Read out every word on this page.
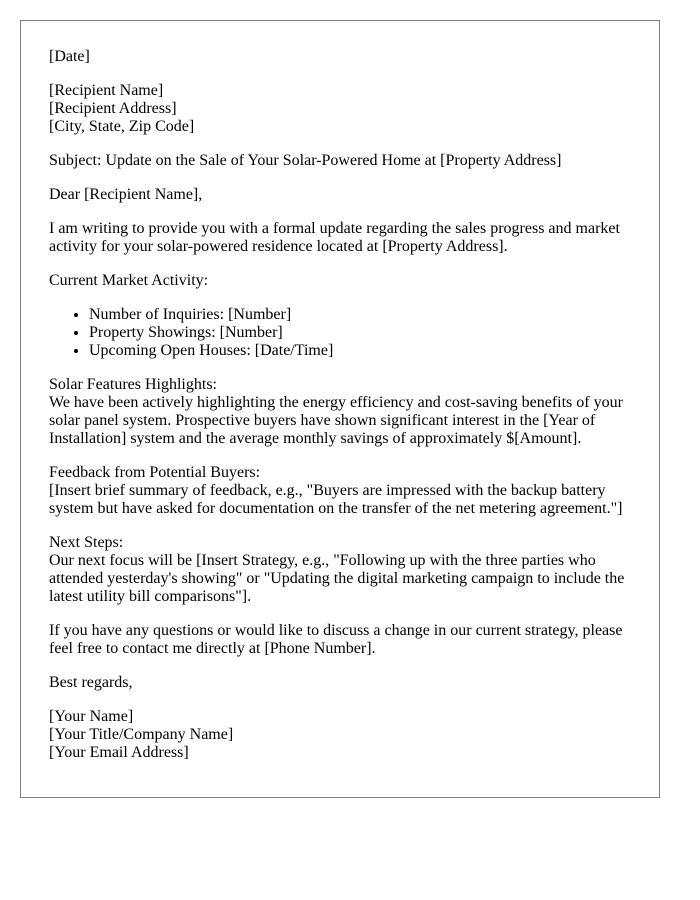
[Date]
[Recipient Name]
[Recipient Address]
[City, State, Zip Code]

Subject: Update on the Sale of Your Solar-Powered Home at [Property Address]

Dear [Recipient Name],

I am writing to provide you with a formal update regarding the sales progress and market activity for your solar-powered residence located at [Property Address].

Current Market Activity:

• Number of Inquiries: [Number]
• Property Showings: [Number]
• Upcoming Open Houses: [Date/Time]
Solar Features Highlights:
We have been actively highlighting the energy efficiency and cost-saving benefits of your solar panel system. Prospective buyers have shown significant interest in the [Year of Installation] system and the average monthly savings of approximately $[Amount].
Feedback from Potential Buyers:
[Insert brief summary of feedback, e.g., "Buyers are impressed with the backup battery system but have asked for documentation on the transfer of the net metering agreement."]
Next Steps:
Our next focus will be [Insert Strategy, e.g., "Following up with the three parties who attended yesterday's showing" or "Updating the digital marketing campaign to include the latest utility bill comparisons"].

If you have any questions or would like to discuss a change in our current strategy, please feel free to contact me directly at [Phone Number].

Best regards,

[Your Name]
[Your Title/Company Name]
[Your Email Address]
